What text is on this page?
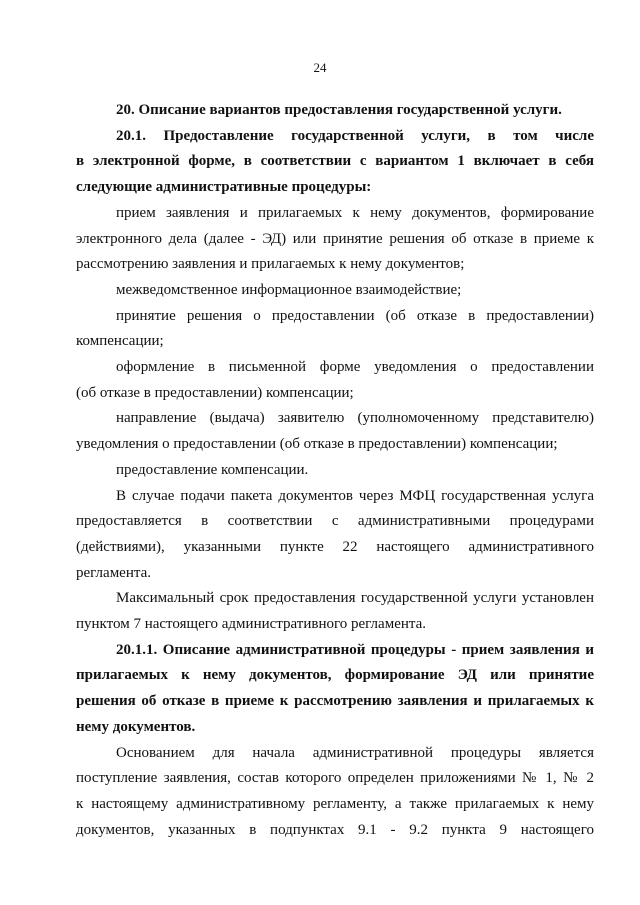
24

20. Описание вариантов предоставления государственной услуги.

20.1. Предоставление государственной услуги, в том числе

в электронной форме, в соответствии с вариантом 1 включает в себя

следующие административные процедуры:

прием заявления и прилагаемых к нему документов, формирование

электронного дела (далее - ЭД) или принятие решения об отказе в приеме к

рассмотрению заявления и прилагаемых к нему документов;

межведомственное информационное взаимодействие;

принятие решения о предоставлении (об отказе в предоставлении)

компенсации;

оформление в письменной форме уведомления о предоставлении

(об отказе в предоставлении) компенсации;

направление (выдача) заявителю (уполномоченному представителю)

уведомления о предоставлении (об отказе в предоставлении) компенсации;

предоставление компенсации.

В случае подачи пакета документов через МФЦ государственная услуга

предоставляется в соответствии с административными процедурами

(действиями), указанными пункте 22 настоящего административного

регламента.

Максимальный срок предоставления государственной услуги установлен

пунктом 7 настоящего административного регламента.

20.1.1. Описание административной процедуры - прием заявления и

прилагаемых к нему документов, формирование ЭД или принятие

решения об отказе в приеме к рассмотрению заявления и прилагаемых к

нему документов.

Основанием для начала административной процедуры является

поступление заявления, состав которого определен приложениями № 1, № 2

к настоящему административному регламенту, а также прилагаемых к нему

документов, указанных в подпунктах 9.1 - 9.2 пункта 9 настоящего
